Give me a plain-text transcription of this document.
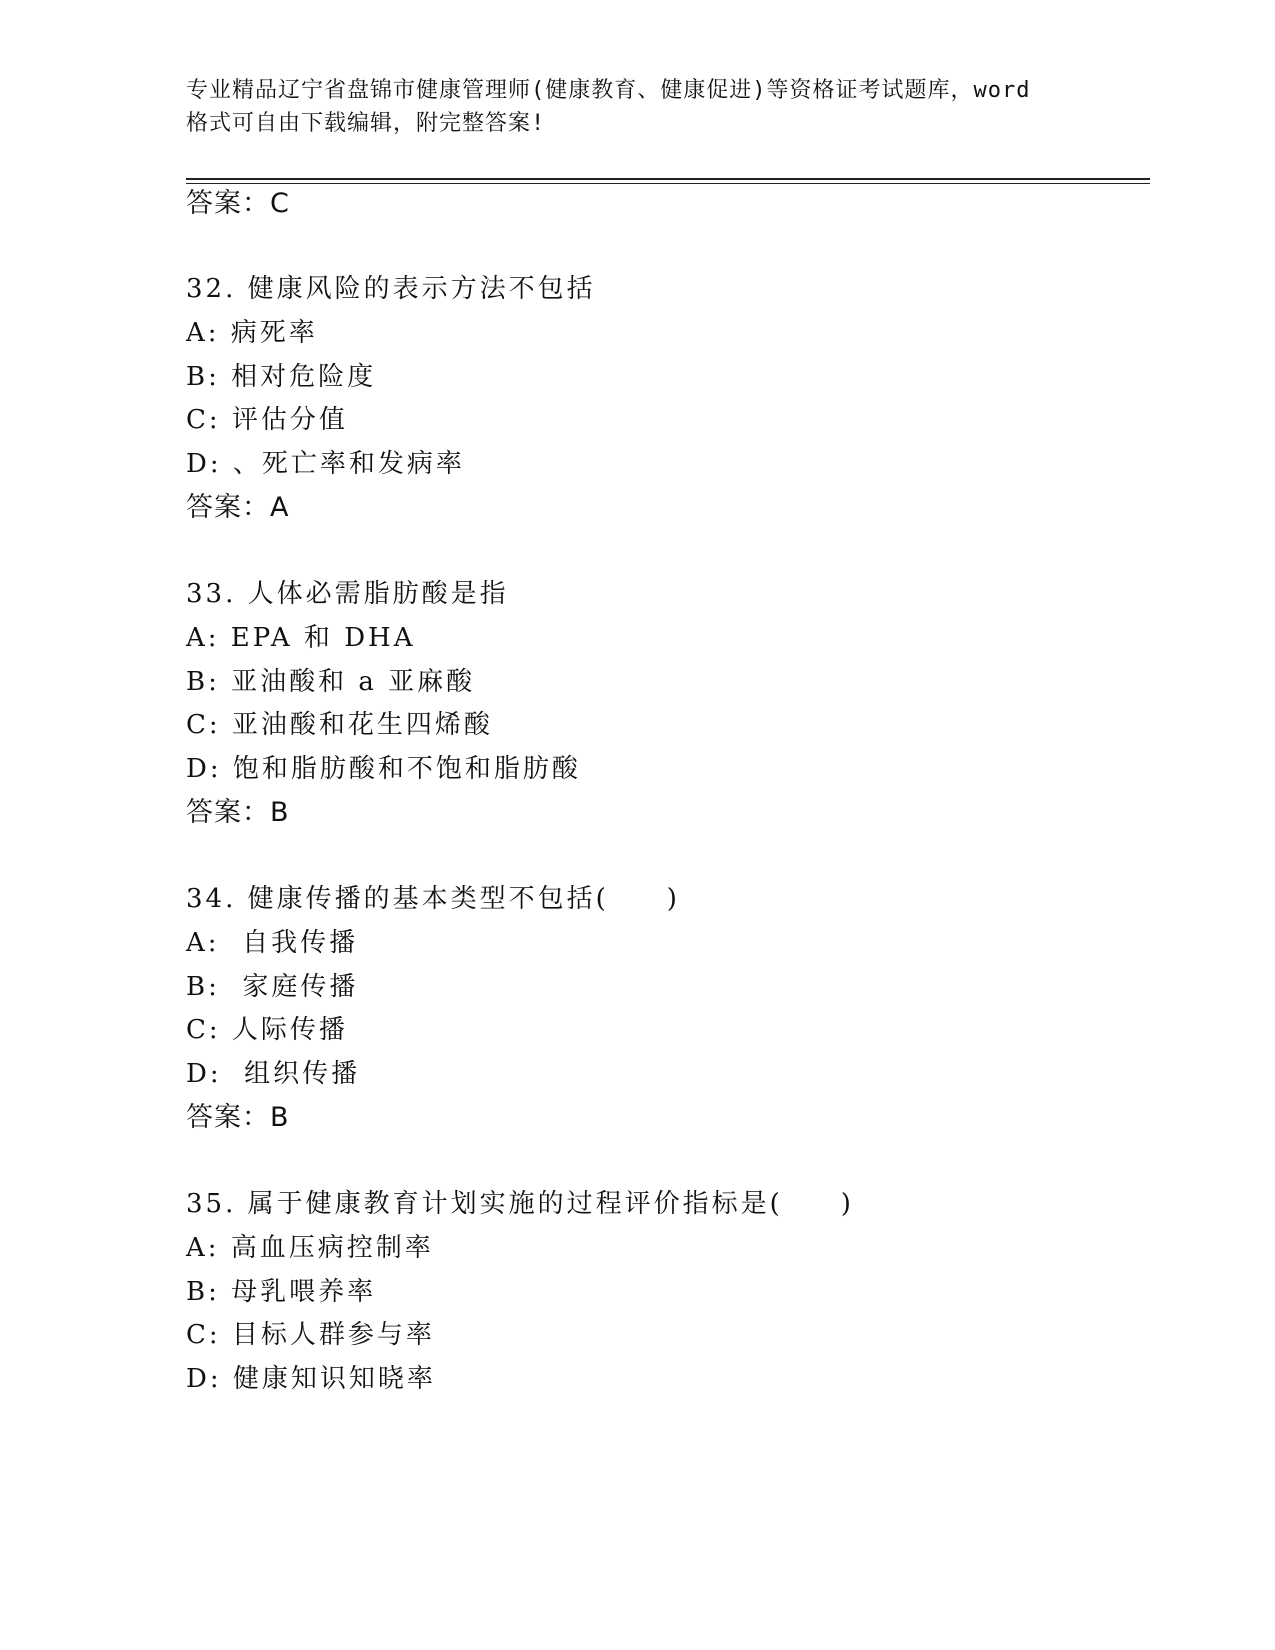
专业精品辽宁省盘锦市健康管理师(健康教育、健康促进)等资格证考试题库，word
格式可自由下载编辑，附完整答案!
答案：C
32. 健康风险的表示方法不包括
A: 病死率
B: 相对危险度
C: 评估分值
D: 、死亡率和发病率
答案：A
33. 人体必需脂肪酸是指
A: EPA 和 DHA
B: 亚油酸和 a 亚麻酸
C: 亚油酸和花生四烯酸
D: 饱和脂肪酸和不饱和脂肪酸
答案：B
34. 健康传播的基本类型不包括(　　)
A:  自我传播
B:  家庭传播
C: 人际传播
D:  组织传播
答案：B
35. 属于健康教育计划实施的过程评价指标是(　　)
A: 高血压病控制率
B: 母乳喂养率
C: 目标人群参与率
D: 健康知识知晓率
